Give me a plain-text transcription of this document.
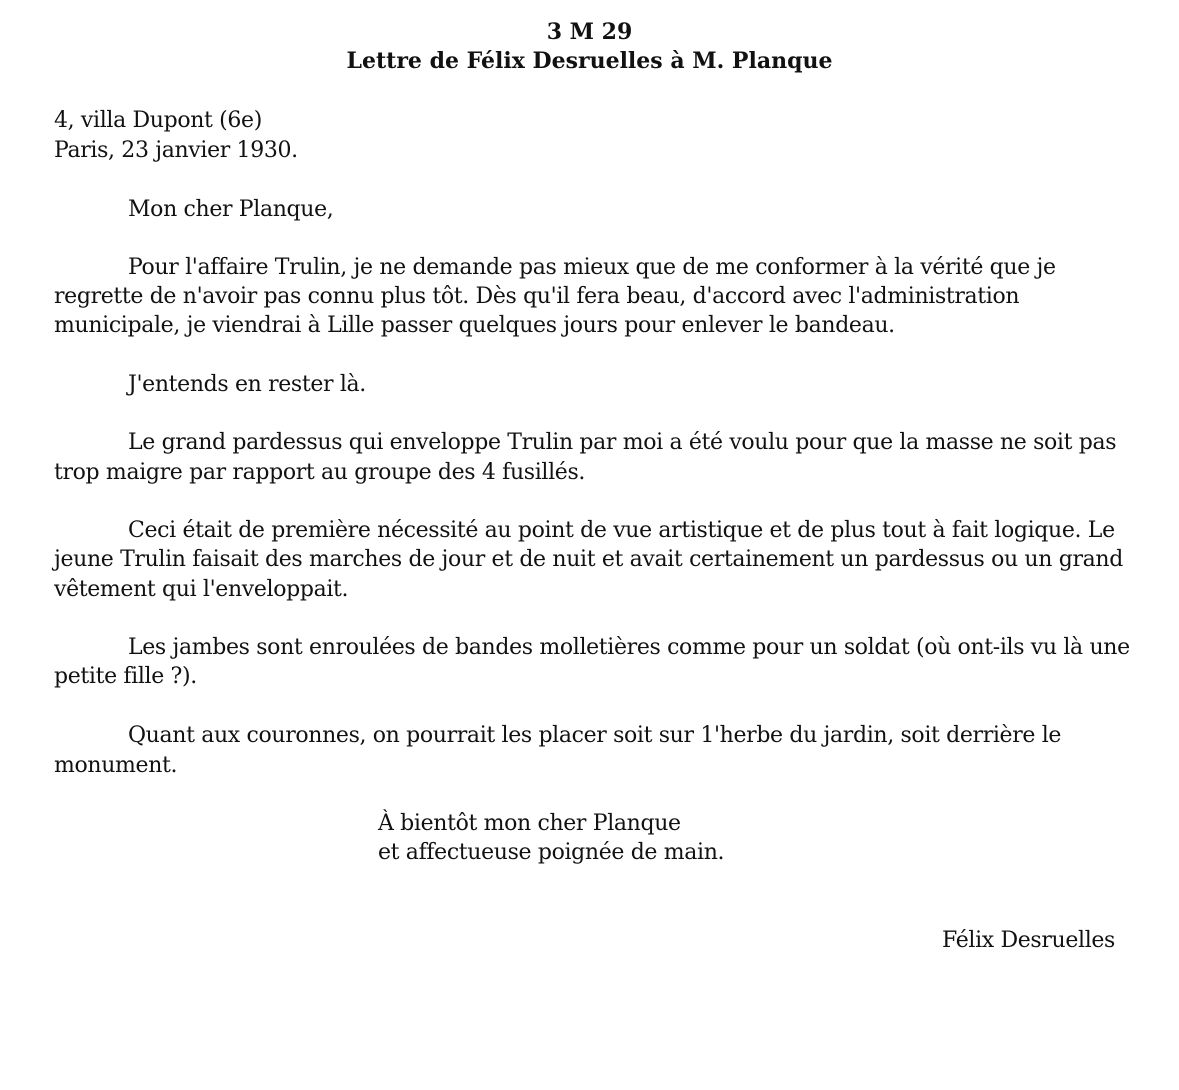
3 M 29
Lettre de Félix Desruelles à M. Planque
4, villa Dupont (6e)
Paris, 23 janvier 1930.
Mon cher Planque,
Pour l'affaire Trulin, je ne demande pas mieux que de me conformer à la vérité que je
regrette de n'avoir pas connu plus tôt. Dès qu'il fera beau, d'accord avec l'administration
municipale, je viendrai à Lille passer quelques jours pour enlever le bandeau.
J'entends en rester là.
Le grand pardessus qui enveloppe Trulin par moi a été voulu pour que la masse ne soit pas
trop maigre par rapport au groupe des 4 fusillés.
Ceci était de première nécessité au point de vue artistique et de plus tout à fait logique. Le
jeune Trulin faisait des marches de jour et de nuit et avait certainement un pardessus ou un grand
vêtement qui l'enveloppait.
Les jambes sont enroulées de bandes molletières comme pour un soldat (où ont-ils vu là une
petite fille ?).
Quant aux couronnes, on pourrait les placer soit sur 1'herbe du jardin, soit derrière le
monument.
À bientôt mon cher Planque
et affectueuse poignée de main.
Félix Desruelles
